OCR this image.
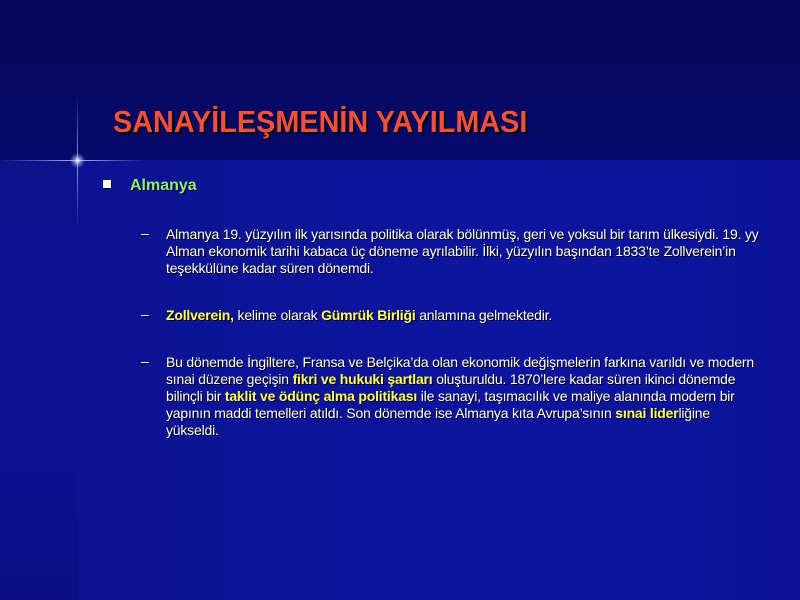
SANAYİLEŞMENİN YAYILMASI
Almanya
– Almanya 19. yüzyılın ilk yarısında politika olarak bölünmüş, geri ve yoksul bir tarım ülkesiydi. 19. yy Alman ekonomik tarihi kabaca üç döneme ayrılabilir. İlki, yüzyılın başından 1833’te Zollverein’in teşekkülüne kadar süren dönemdi.

– Zollverein, kelime olarak Gümrük Birliği anlamına gelmektedir.

– Bu dönemde İngiltere, Fransa ve Belçika’da olan ekonomik değişmelerin farkına varıldı ve modern sınai düzene geçişin fikri ve hukuki şartları oluşturuldu. 1870’lere kadar süren ikinci dönemde bilinçli bir taklit ve ödünç alma politikası ile sanayi, taşımacılık ve maliye alanında modern bir yapının maddi temelleri atıldı. Son dönemde ise Almanya kıta Avrupa’sının sınai liderliğine yükseldi.
